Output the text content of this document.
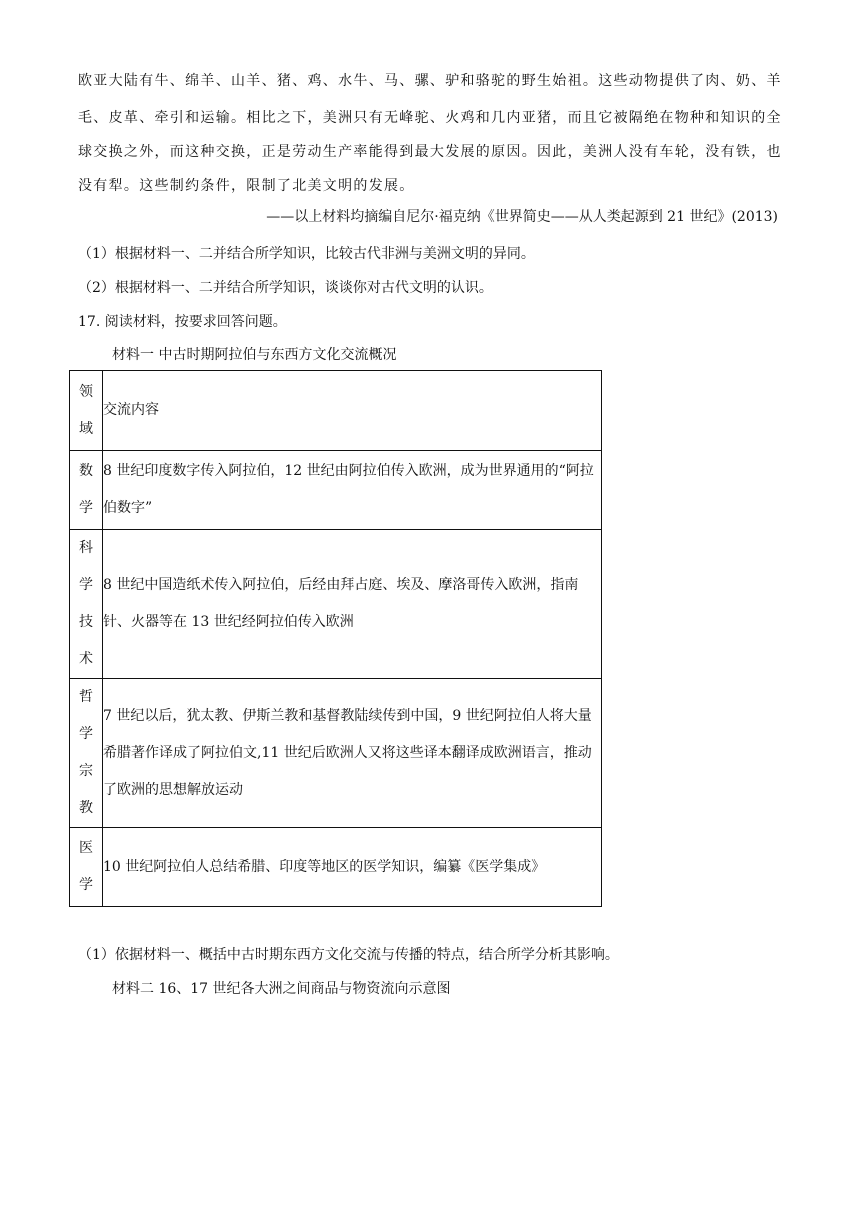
欧亚大陆有牛、绵羊、山羊、猪、鸡、水牛、马、骡、驴和骆驼的野生始祖。这些动物提供了肉、奶、羊
毛、皮革、牵引和运输。相比之下，美洲只有无峰驼、火鸡和几内亚猪，而且它被隔绝在物种和知识的全
球交换之外，而这种交换，正是劳动生产率能得到最大发展的原因。因此，美洲人没有车轮，没有铁，也
没有犁。这些制约条件，限制了北美文明的发展。
——以上材料均摘编自尼尔·福克纳《世界简史——从人类起源到 21 世纪》(2013)
（1）根据材料一、二并结合所学知识，比较古代非洲与美洲文明的异同。
（2）根据材料一、二并结合所学知识，谈谈你对古代文明的认识。
17. 阅读材料，按要求回答问题。
材料一 中古时期阿拉伯与东西方文化交流概况
领域	交流内容

数学	8 世纪印度数字传入阿拉伯，12 世纪由阿拉伯传入欧洲，成为世界通用的“阿拉伯数字”

科学技术	8 世纪中国造纸术传入阿拉伯，后经由拜占庭、埃及、摩洛哥传入欧洲，指南针、火器等在 13 世纪经阿拉伯传入欧洲

哲学宗教	7 世纪以后，犹太教、伊斯兰教和基督教陆续传到中国，9 世纪阿拉伯人将大量希腊著作译成了阿拉伯文,11 世纪后欧洲人又将这些译本翻译成欧洲语言，推动了欧洲的思想解放运动

医学	10 世纪阿拉伯人总结希腊、印度等地区的医学知识，编纂《医学集成》
（1）依据材料一、概括中古时期东西方文化交流与传播的特点，结合所学分析其影响。
材料二 16、17 世纪各大洲之间商品与物资流向示意图
